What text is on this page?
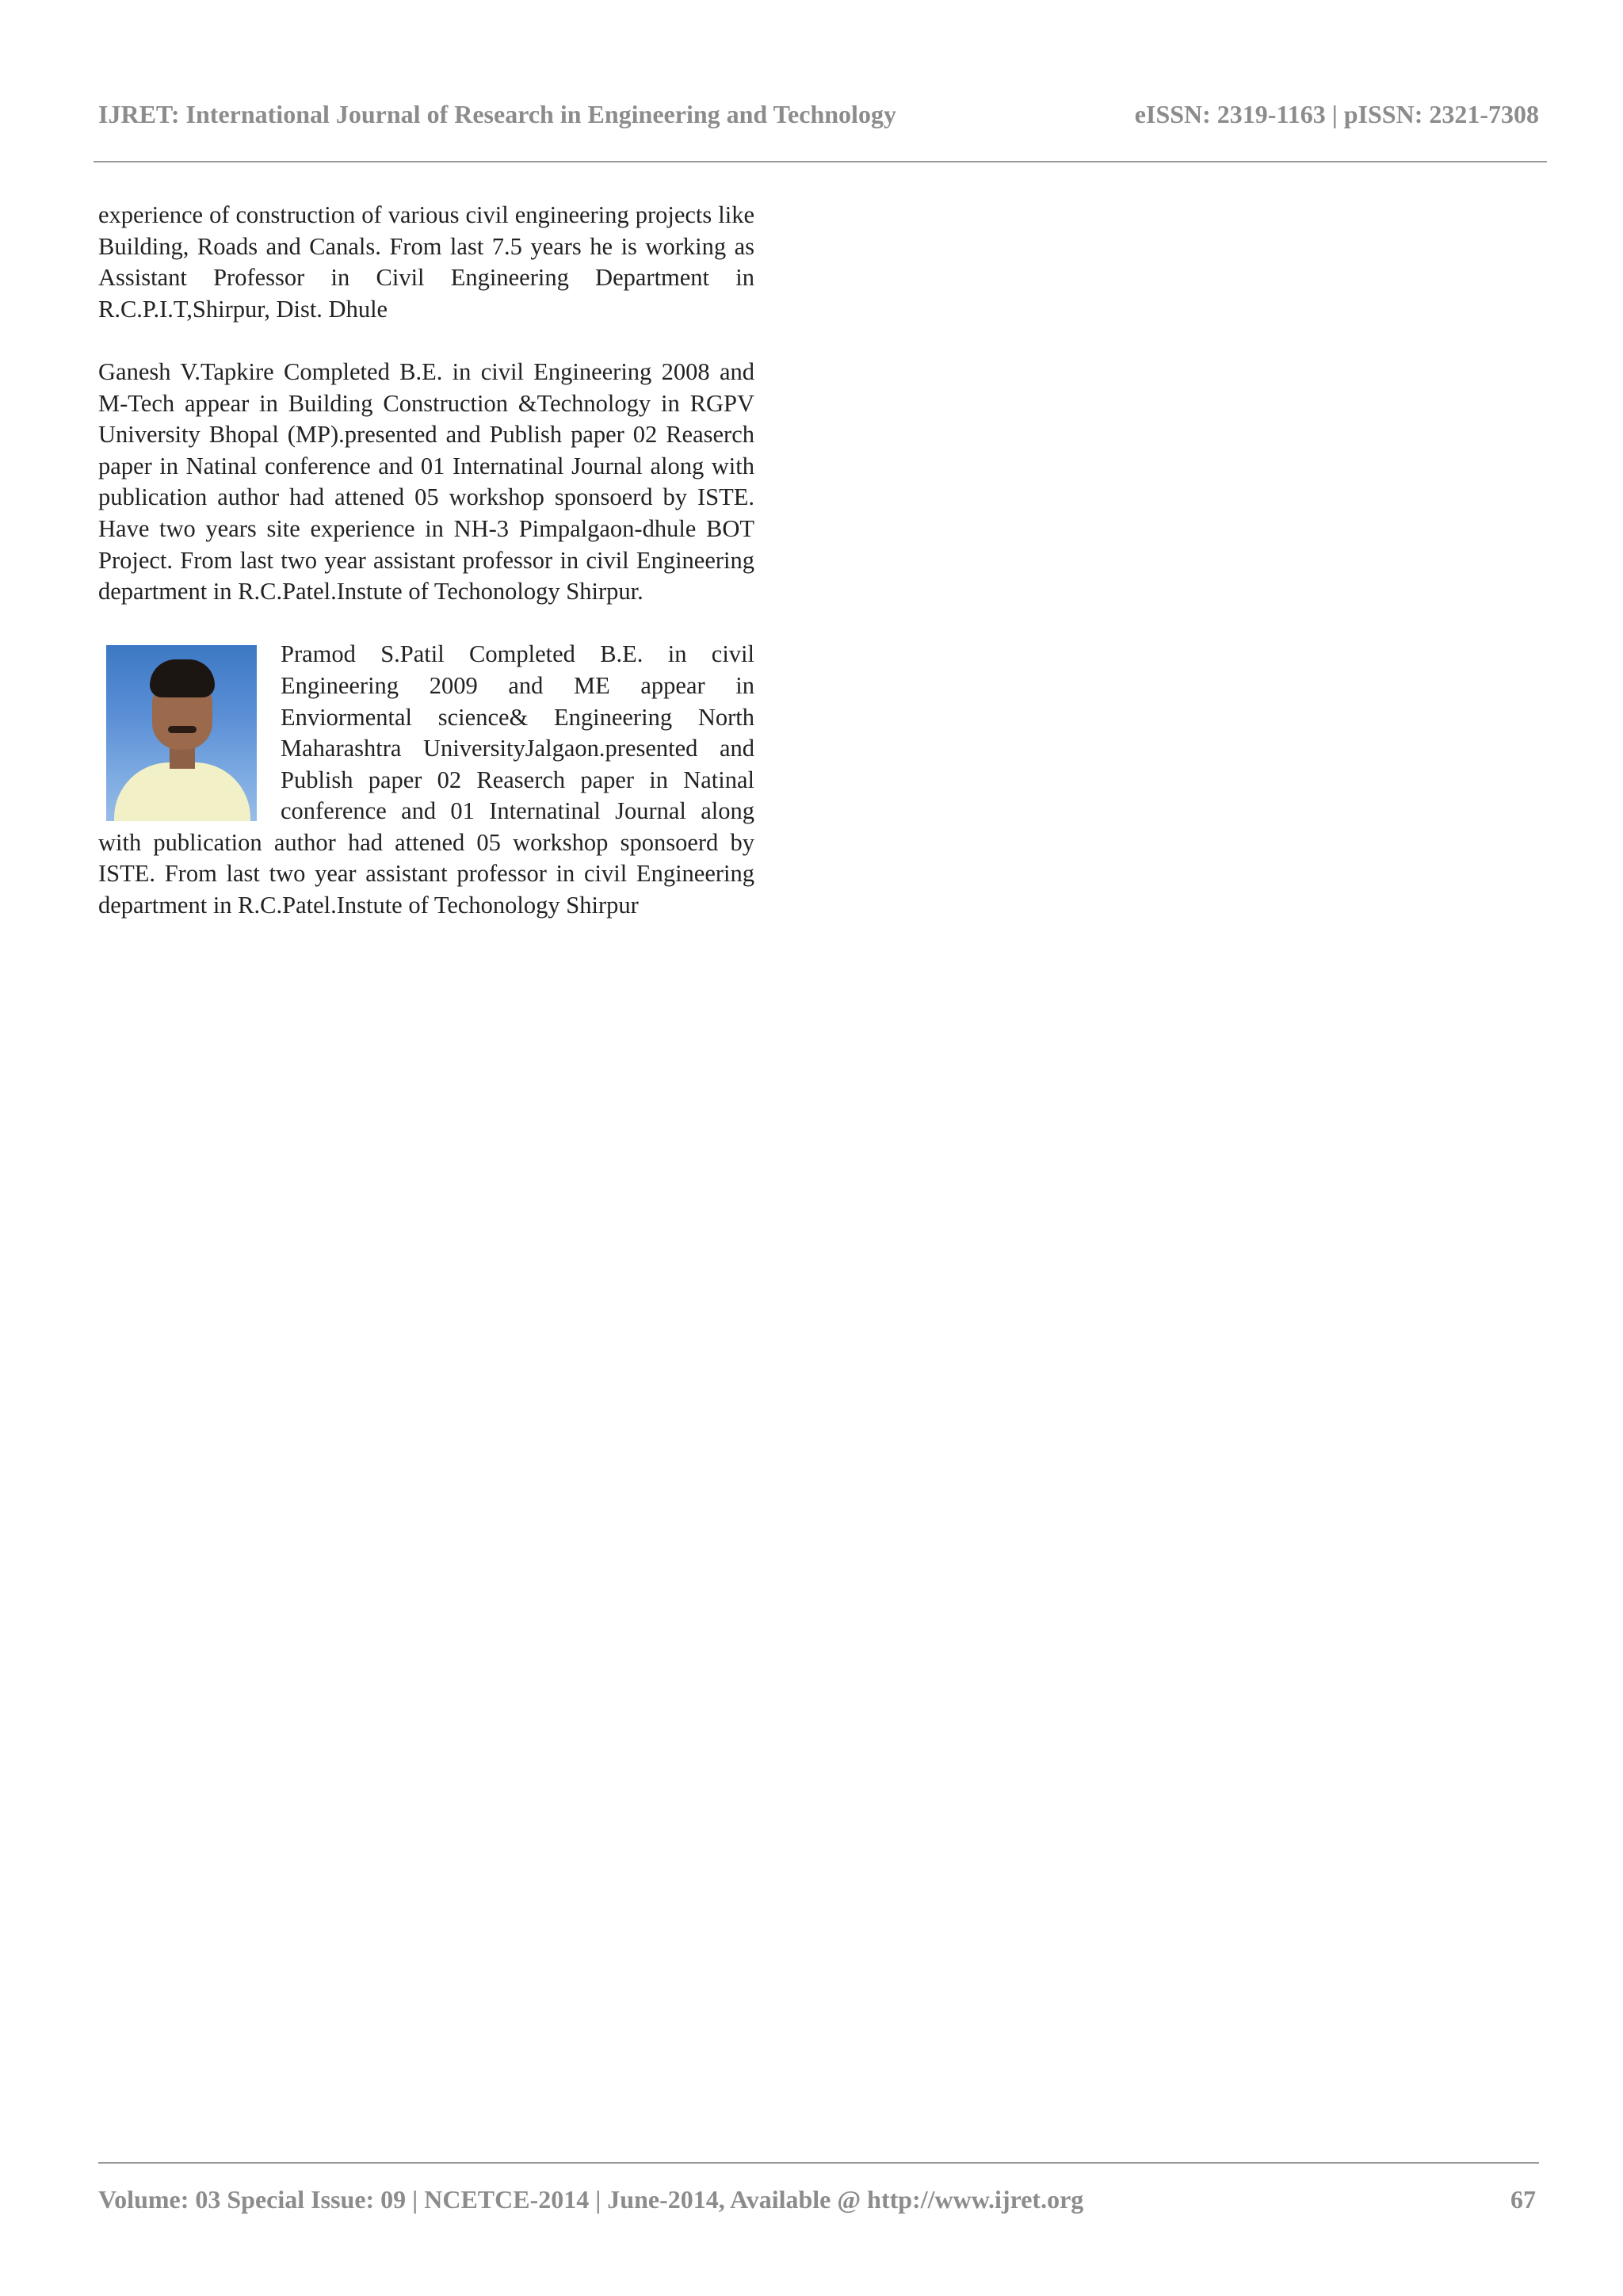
IJRET: International Journal of Research in Engineering and Technology	eISSN: 2319-1163 | pISSN: 2321-7308

experience of construction of various civil engineering projects like Building, Roads and Canals. From last 7.5 years he is working as Assistant Professor in Civil Engineering Department in R.C.P.I.T,Shirpur, Dist. Dhule

Ganesh V.Tapkire Completed B.E. in civil Engineering 2008 and M-Tech appear in Building Construction &Technology in RGPV University Bhopal (MP).presented and Publish paper 02 Reaserch paper in Natinal conference and 01 Internatinal Journal along with publication author had attened 05 workshop sponsoerd by ISTE. Have two years site experience in NH-3 Pimpalgaon-dhule BOT Project. From last two year assistant professor in civil Engineering department in R.C.Patel.Instute of Techonology Shirpur.

Pramod S.Patil Completed B.E. in civil Engineering 2009 and ME appear in Enviormental science& Engineering North Maharashtra UniversityJalgaon.presented and Publish paper 02 Reaserch paper in Natinal conference and 01 Internatinal Journal along with publication author had attened 05 workshop sponsoerd by ISTE. From last two year assistant professor in civil Engineering department in R.C.Patel.Instute of Techonology Shirpur

Volume: 03 Special Issue: 09 | NCETCE-2014 | June-2014, Available @ http://www.ijret.org	67
